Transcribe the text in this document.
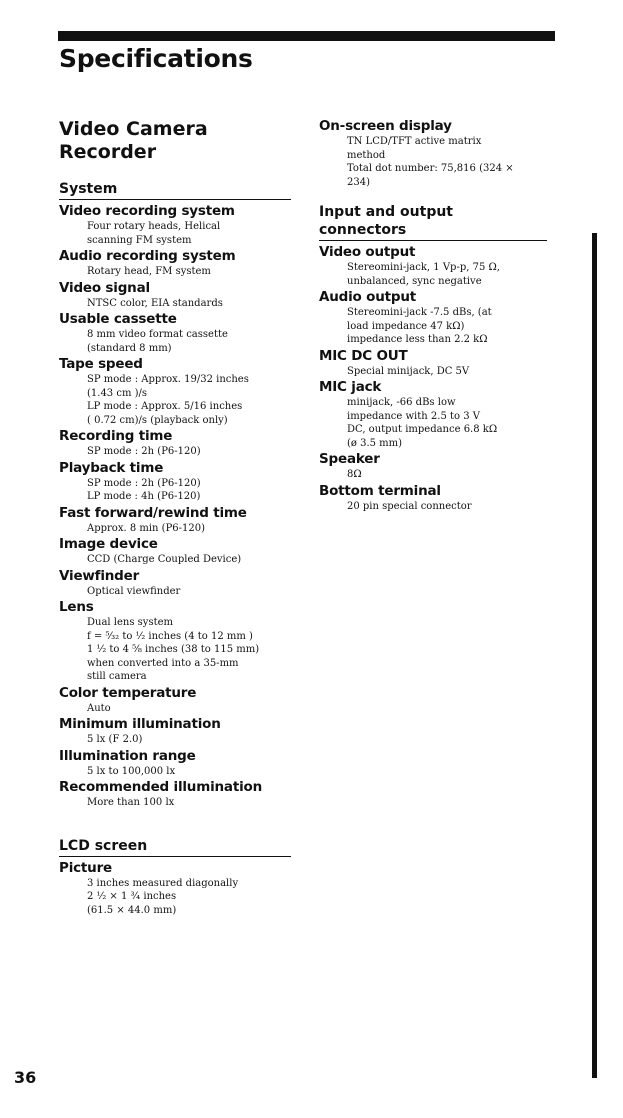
Specifications
Video Camera Recorder
System

Video recording system

Four rotary heads, Helical
scanning FM system

Audio recording system

Rotary head, FM system

Video signal

NTSC color, EIA standards

Usable cassette

8 mm video format cassette
(standard 8 mm)

Tape speed

SP mode : Approx. 19/32 inches
(1.43 cm )/s
LP mode : Approx. 5/16 inches
( 0.72 cm)/s (playback only)

Recording time

SP mode : 2h (P6-120)

Playback time

SP mode : 2h (P6-120)
LP mode : 4h (P6-120)

Fast forward/rewind time

Approx. 8 min (P6-120)

Image device

CCD (Charge Coupled Device)

Viewfinder

Optical viewfinder

Lens

Dual lens system
f = ⁵⁄₃₂ to ¹⁄₂ inches (4 to 12 mm )
1 ¹⁄₂ to 4 ⁵⁄₈ inches (38 to 115 mm)
when converted into a 35-mm
still camera

Color temperature

Auto

Minimum illumination

5 lx (F 2.0)

Illumination range

5 lx to 100,000 lx

Recommended illumination

More than 100 lx
LCD screen

Picture

3 inches measured diagonally
2 ¹⁄₂ × 1 ³⁄₄ inches
(61.5 × 44.0 mm)

On-screen display

TN LCD/TFT active matrix
method
Total dot number: 75,816 (324 ×
234)
Input and output
connectors

Video output

Stereomini-jack, 1 Vp-p, 75 Ω,
unbalanced, sync negative

Audio output

Stereomini-jack -7.5 dBs, (at
load impedance 47 kΩ)
impedance less than 2.2 kΩ

MIC DC OUT

Special minijack, DC 5V

MIC jack

minijack, -66 dBs low
impedance with 2.5 to 3 V
DC, output impedance 6.8 kΩ
(ø 3.5 mm)

Speaker

8Ω

Bottom terminal

20 pin special connector
36
